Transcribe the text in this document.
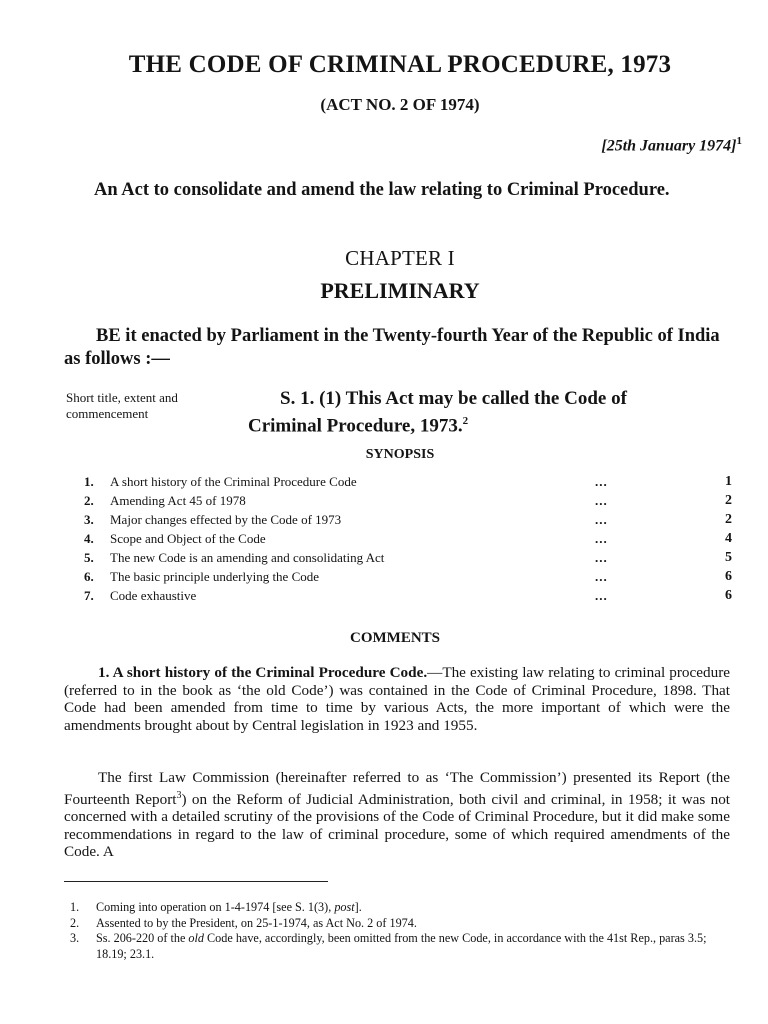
THE CODE OF CRIMINAL PROCEDURE, 1973
(ACT NO. 2 OF 1974)
[25th January 1974]$^1$
An Act to consolidate and amend the law relating to Criminal Procedure.
CHAPTER I
PRELIMINARY
BE it enacted by Parliament in the Twenty-fourth Year of the Republic of India as follows :—
Short title, extent and
commencement
S. 1. (1) This Act may be called the Code of
Criminal Procedure, 1973.$^2$
SYNOPSIS
1. A short history of the Criminal Procedure Code	...	1
2. Amending Act 45 of 1978	...	2
3. Major changes effected by the Code of 1973	...	2
4. Scope and Object of the Code	...	4
5. The new Code is an amending and consolidating Act	...	5
6. The basic principle underlying the Code	...	6
7. Code exhaustive	...	6
COMMENTS
1. A short history of the Criminal Procedure Code.—The existing law relating to criminal procedure (referred to in the book as ‘the old Code’) was contained in the Code of Criminal Procedure, 1898. That Code had been amended from time to time by various Acts, the more important of which were the amendments brought about by Central legislation in 1923 and 1955.
The first Law Commission (hereinafter referred to as ‘The Commission’) presented its Report (the Fourteenth Report$^3$) on the Reform of Judicial Administration, both civil and criminal, in 1958; it was not concerned with a detailed scrutiny of the provisions of the Code of Criminal Procedure, but it did make some recommendations in regard to the law of criminal procedure, some of which required amendments of the Code. A
1. Coming into operation on 1-4-1974 [see S. 1(3), post].
2. Assented to by the President, on 25-1-1974, as Act No. 2 of 1974.
3. Ss. 206-220 of the old Code have, accordingly, been omitted from the new Code, in accordance with the 41st Rep., paras 3.5; 18.19; 23.1.
